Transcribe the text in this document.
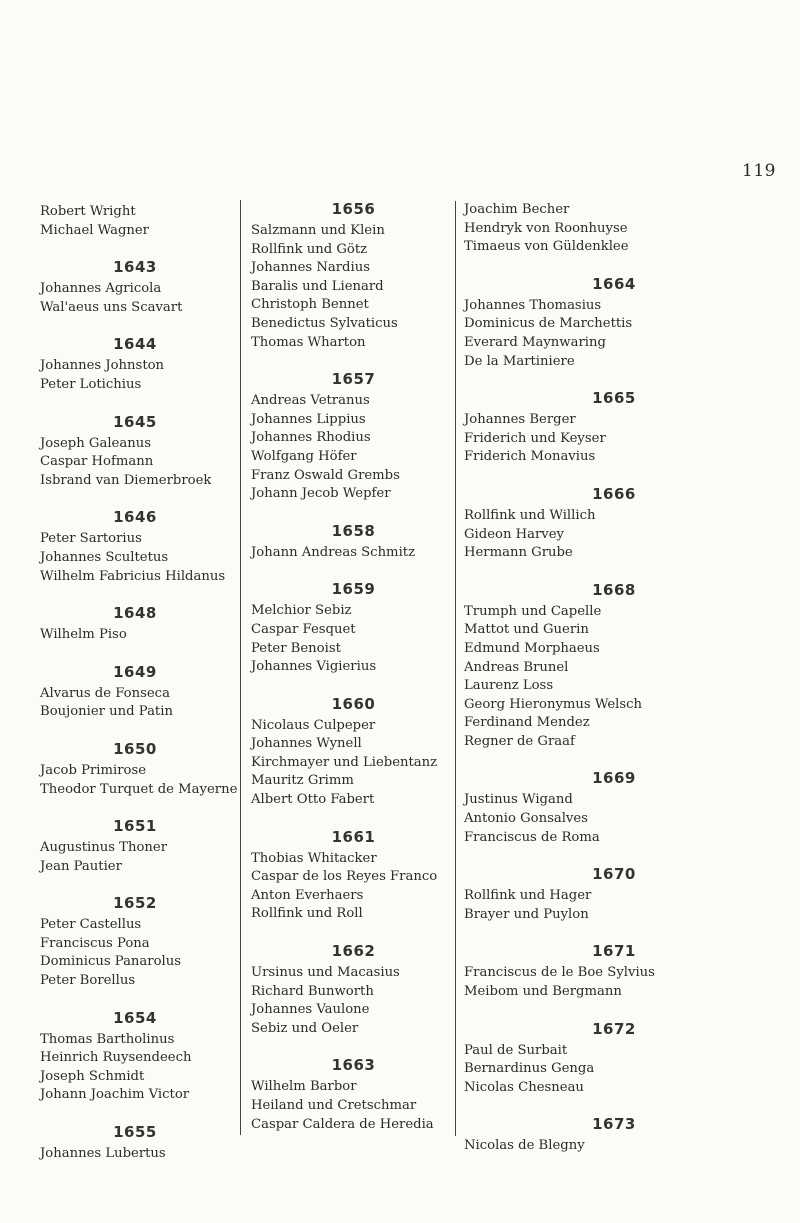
119
Robert Wright
Michael Wagner
1643
Johannes Agricola
Wal'aeus uns Scavart
1644
Johannes Johnston
Peter Lotichius
1645
Joseph Galeanus
Caspar Hofmann
Isbrand van Diemerbroek
1646
Peter Sartorius
Johannes Scultetus
Wilhelm Fabricius Hildanus
1648
Wilhelm Piso
1649
Alvarus de Fonseca
Boujonier und Patin
1650
Jacob Primirose
Theodor Turquet de Mayerne
1651
Augustinus Thoner
Jean Pautier
1652
Peter Castellus
Franciscus Pona
Dominicus Panarolus
Peter Borellus
1654
Thomas Bartholinus
Heinrich Ruysendeech
Joseph Schmidt
Johann Joachim Victor
1655
Johannes Lubertus
1656
Salzmann und Klein
Rollfink und Götz
Johannes Nardius
Baralis und Lienard
Christoph Bennet
Benedictus Sylvaticus
Thomas Wharton
1657
Andreas Vetranus
Johannes Lippius
Johannes Rhodius
Wolfgang Höfer
Franz Oswald Grembs
Johann Jecob Wepfer
1658
Johann Andreas Schmitz
1659
Melchior Sebiz
Caspar Fesquet
Peter Benoist
Johannes Vigierius
1660
Nicolaus Culpeper
Johannes Wynell
Kirchmayer und Liebentanz
Mauritz Grimm
Albert Otto Fabert
1661
Thobias Whitacker
Caspar de los Reyes Franco
Anton Everhaers
Rollfink und Roll
1662
Ursinus und Macasius
Richard Bunworth
Johannes Vaulone
Sebiz und Oeler
1663
Wilhelm Barbor
Heiland und Cretschmar
Caspar Caldera de Heredia
Joachim Becher
Hendryk von Roonhuyse
Timaeus von Güldenklee
1664
Johannes Thomasius
Dominicus de Marchettis
Everard Maynwaring
De la Martiniere
1665
Johannes Berger
Friderich und Keyser
Friderich Monavius
1666
Rollfink und Willich
Gideon Harvey
Hermann Grube
1668
Trumph und Capelle
Mattot und Guerin
Edmund Morphaeus
Andreas Brunel
Laurenz Loss
Georg Hieronymus Welsch
Ferdinand Mendez
Regner de Graaf
1669
Justinus Wigand
Antonio Gonsalves
Franciscus de Roma
1670
Rollfink und Hager
Brayer und Puylon
1671
Franciscus de le Boe Sylvius
Meibom und Bergmann
1672
Paul de Surbait
Bernardinus Genga
Nicolas Chesneau
1673
Nicolas de Blegny
